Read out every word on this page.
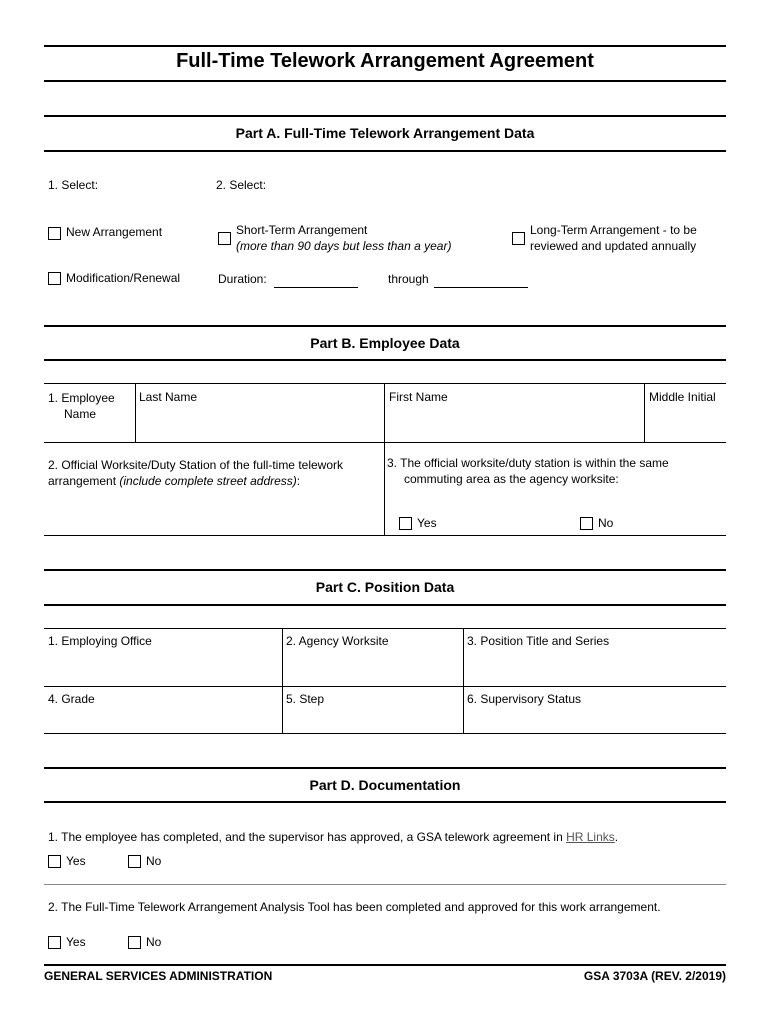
Full-Time Telework Arrangement Agreement
Part A. Full-Time Telework Arrangement Data
1. Select:	2. Select:
New Arrangement
Modification/Renewal
Short-Term Arrangement
(more than 90 days but less than a year)
Long-Term Arrangement - to be
reviewed and updated annually
Duration:	through
Part B. Employee Data
1. Employee
Name
Last Name	First Name	Middle Initial
2. Official Worksite/Duty Station of the full-time telework
arrangement (include complete street address):
3. The official worksite/duty station is within the same
commuting area as the agency worksite:
Yes	No
Part C. Position Data
1. Employing Office	2. Agency Worksite	3. Position Title and Series
4. Grade	5. Step	6. Supervisory Status
Part D. Documentation
1. The employee has completed, and the supervisor has approved, a GSA telework agreement in HR Links.
Yes	No
2. The Full-Time Telework Arrangement Analysis Tool has been completed and approved for this work arrangement.
Yes	No
GENERAL SERVICES ADMINISTRATION	GSA 3703A (REV. 2/2019)
